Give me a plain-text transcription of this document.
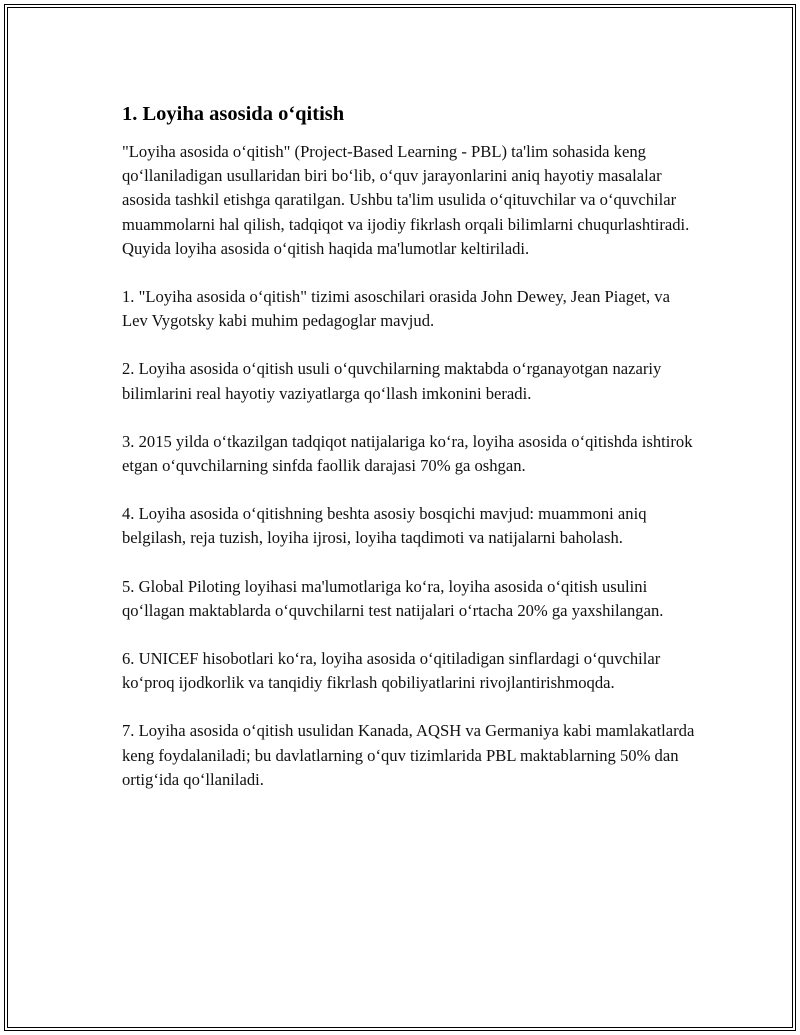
1. Loyiha asosida o‘qitish

"Loyiha asosida o‘qitish" (Project-Based Learning - PBL) ta'lim sohasida keng qo‘llaniladigan usullaridan biri bo‘lib, o‘quv jarayonlarini aniq hayotiy masalalar asosida tashkil etishga qaratilgan. Ushbu ta'lim usulida o‘qituvchilar va o‘quvchilar muammolarni hal qilish, tadqiqot va ijodiy fikrlash orqali bilimlarni chuqurlashtiradi. Quyida loyiha asosida o‘qitish haqida ma'lumotlar keltiriladi.

1. "Loyiha asosida o‘qitish" tizimi asoschilari orasida John Dewey, Jean Piaget, va Lev Vygotsky kabi muhim pedagoglar mavjud.

2. Loyiha asosida o‘qitish usuli o‘quvchilarning maktabda o‘rganayotgan nazariy bilimlarini real hayotiy vaziyatlarga qo‘llash imkonini beradi.

3. 2015 yilda o‘tkazilgan tadqiqot natijalariga ko‘ra, loyiha asosida o‘qitishda ishtirok etgan o‘quvchilarning sinfda faollik darajasi 70% ga oshgan.

4. Loyiha asosida o‘qitishning beshta asosiy bosqichi mavjud: muammoni aniq belgilash, reja tuzish, loyiha ijrosi, loyiha taqdimoti va natijalarni baholash.

5. Global Piloting loyihasi ma'lumotlariga ko‘ra, loyiha asosida o‘qitish usulini qo‘llagan maktablarda o‘quvchilarni test natijalari o‘rtacha 20% ga yaxshilangan.

6. UNICEF hisobotlari ko‘ra, loyiha asosida o‘qitiladigan sinflardagi o‘quvchilar ko‘proq ijodkorlik va tanqidiy fikrlash qobiliyatlarini rivojlantirishmoqda.

7. Loyiha asosida o‘qitish usulidan Kanada, AQSH va Germaniya kabi mamlakatlarda keng foydalaniladi; bu davlatlarning o‘quv tizimlarida PBL maktablarning 50% dan ortig‘ida qo‘llaniladi.
